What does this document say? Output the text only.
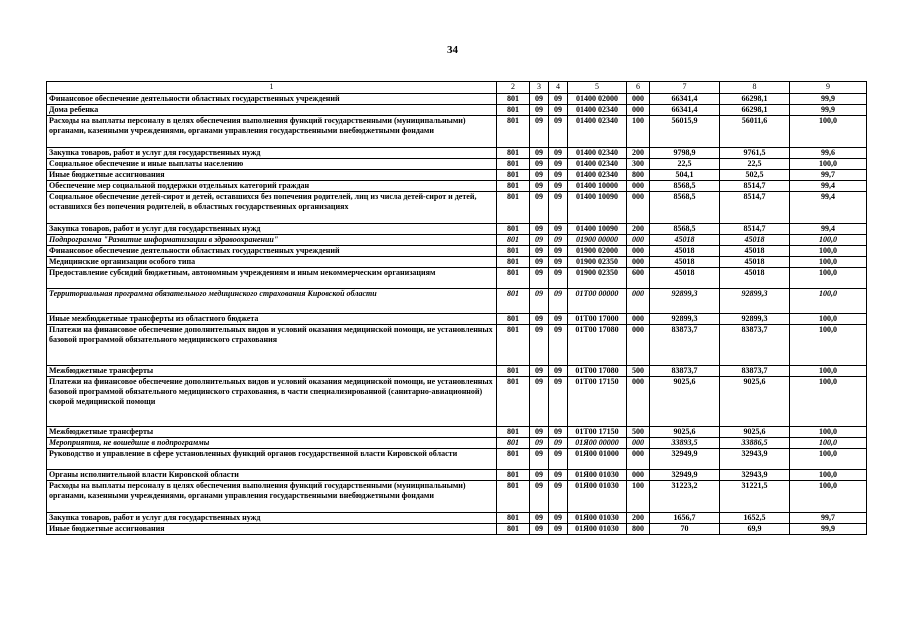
34
1	2	3	4	5	6	7	8	9
Финансовое обеспечение деятельности областных государственных учреждений	801	09	09	01400 02000	000	66341,4	66298,1	99,9
Дома ребенка	801	09	09	01400 02340	000	66341,4	66298,1	99,9
Расходы на выплаты персоналу в целях обеспечения выполнения функций государственными (муниципальными) органами, казенными учреждениями, органами управления государственными внебюджетными фондами	801	09	09	01400 02340	100	56015,9	56011,6	100,0
Закупка товаров, работ и услуг для государственных нужд	801	09	09	01400 02340	200	9798,9	9761,5	99,6
Социальное обеспечение и иные выплаты населению	801	09	09	01400 02340	300	22,5	22,5	100,0
Иные бюджетные ассигнования	801	09	09	01400 02340	800	504,1	502,5	99,7
Обеспечение мер социальной поддержки отдельных категорий граждан	801	09	09	01400 10000	000	8568,5	8514,7	99,4
Социальное обеспечение детей-сирот и детей, оставшихся без попечения родителей, лиц из числа детей-сирот и детей, оставшихся без попечения родителей, в областных государственных организациях	801	09	09	01400 10090	000	8568,5	8514,7	99,4
Закупка товаров, работ и услуг для государственных нужд	801	09	09	01400 10090	200	8568,5	8514,7	99,4
Подпрограмма "Развитие информатизации в здравоохранении"	801	09	09	01900 00000	000	45018	45018	100,0
Финансовое обеспечение деятельности областных государственных учреждений	801	09	09	01900 02000	000	45018	45018	100,0
Медицинские организации особого типа	801	09	09	01900 02350	000	45018	45018	100,0
Предоставление субсидий бюджетным, автономным учреждениям и иным некоммерческим организациям	801	09	09	01900 02350	600	45018	45018	100,0
Территориальная программа обязательного медицинского страхования Кировской области	801	09	09	01Т00 00000	000	92899,3	92899,3	100,0
Иные межбюджетные трансферты из областного бюджета	801	09	09	01Т00 17000	000	92899,3	92899,3	100,0
Платежи на финансовое обеспечение дополнительных видов и условий оказания медицинской помощи, не установленных базовой программой обязательного медицинского страхования	801	09	09	01Т00 17080	000	83873,7	83873,7	100,0
Межбюджетные трансферты	801	09	09	01Т00 17080	500	83873,7	83873,7	100,0
Платежи на финансовое обеспечение дополнительных видов и условий оказания медицинской помощи, не установленных базовой программой обязательного медицинского страхования, в части специализированной (санитарно-авиационной) скорой медицинской помощи	801	09	09	01Т00 17150	000	9025,6	9025,6	100,0
Межбюджетные трансферты	801	09	09	01Т00 17150	500	9025,6	9025,6	100,0
Мероприятия, не вошедшие в подпрограммы	801	09	09	01Я00 00000	000	33893,5	33886,5	100,0
Руководство и управление в сфере установленных функций органов государственной власти Кировской области	801	09	09	01Я00 01000	000	32949,9	32943,9	100,0
Органы исполнительной власти Кировской области	801	09	09	01Я00 01030	000	32949,9	32943,9	100,0
Расходы на выплаты персоналу в целях обеспечения выполнения функций государственными (муниципальными) органами, казенными учреждениями, органами управления государственными внебюджетными фондами	801	09	09	01Я00 01030	100	31223,2	31221,5	100,0
Закупка товаров, работ и услуг для государственных нужд	801	09	09	01Я00 01030	200	1656,7	1652,5	99,7
Иные бюджетные ассигнования	801	09	09	01Я00 01030	800	70	69,9	99,9
